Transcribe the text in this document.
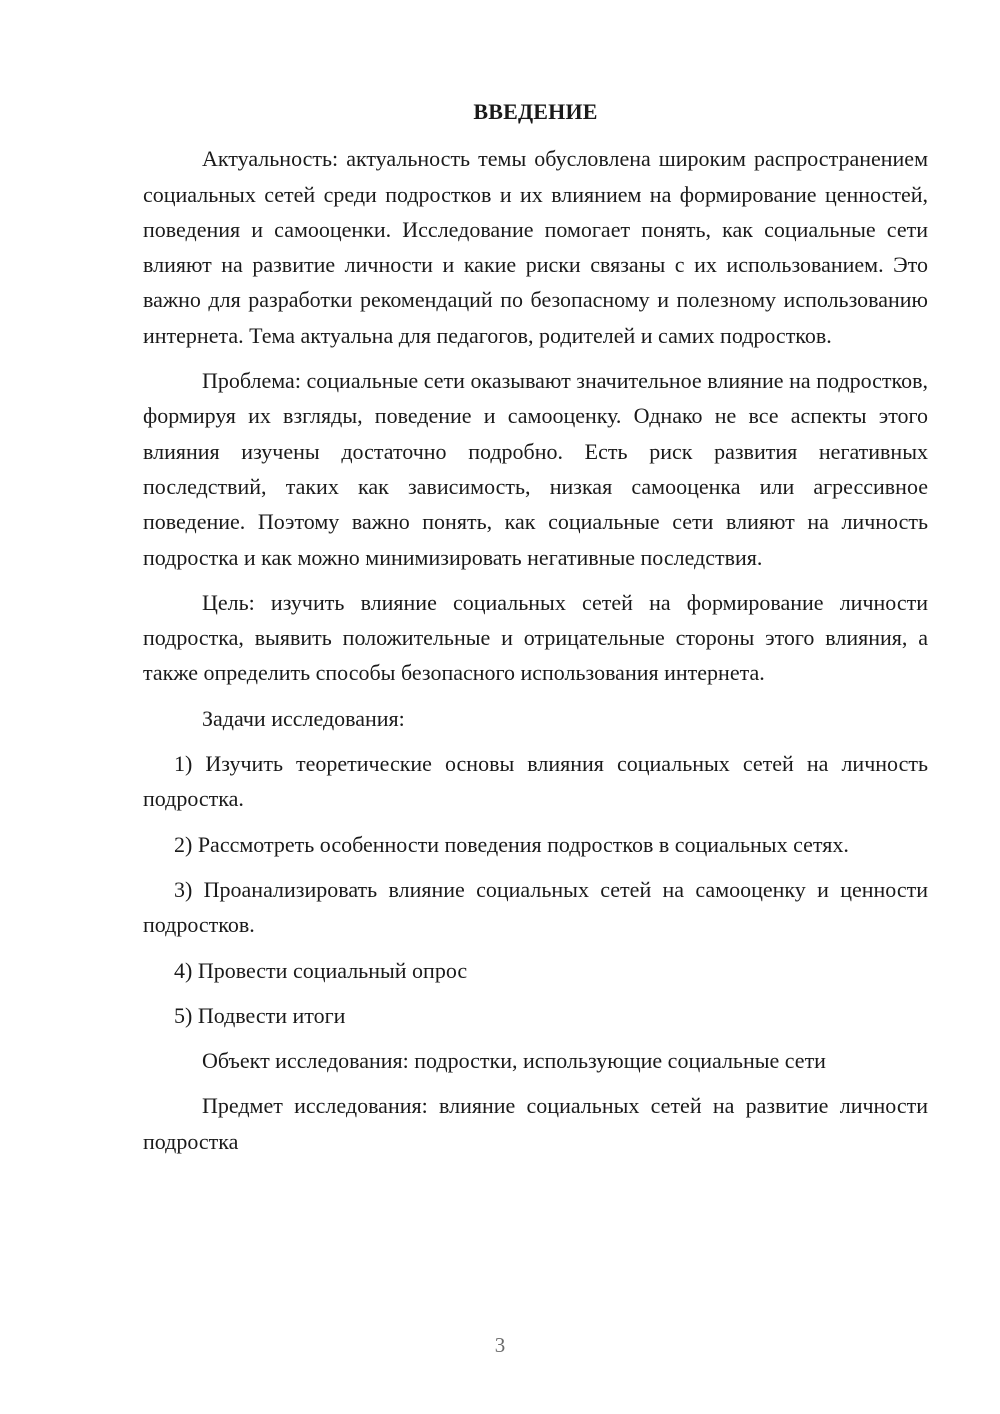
ВВЕДЕНИЕ

Актуальность: актуальность темы обусловлена широким распространением социальных сетей среди подростков и их влиянием на формирование ценностей, поведения и самооценки. Исследование помогает понять, как социальные сети влияют на развитие личности и какие риски связаны с их использованием. Это важно для разработки рекомендаций по безопасному и полезному использованию интернета. Тема актуальна для педагогов, родителей и самих подростков.

Проблема: социальные сети оказывают значительное влияние на подростков, формируя их взгляды, поведение и самооценку. Однако не все аспекты этого влияния изучены достаточно подробно. Есть риск развития негативных последствий, таких как зависимость, низкая самооценка или агрессивное поведение. Поэтому важно понять, как социальные сети влияют на личность подростка и как можно минимизировать негативные последствия.

Цель: изучить влияние социальных сетей на формирование личности подростка, выявить положительные и отрицательные стороны этого влияния, а также определить способы безопасного использования интернета.

Задачи исследования:

1) Изучить теоретические основы влияния социальных сетей на личность подростка.

2) Рассмотреть особенности поведения подростков в социальных сетях.

3) Проанализировать влияние социальных сетей на самооценку и ценности подростков.

4) Провести социальный опрос

5) Подвести итоги

Объект исследования: подростки, использующие социальные сети

Предмет исследования: влияние социальных сетей на развитие личности подростка

3
